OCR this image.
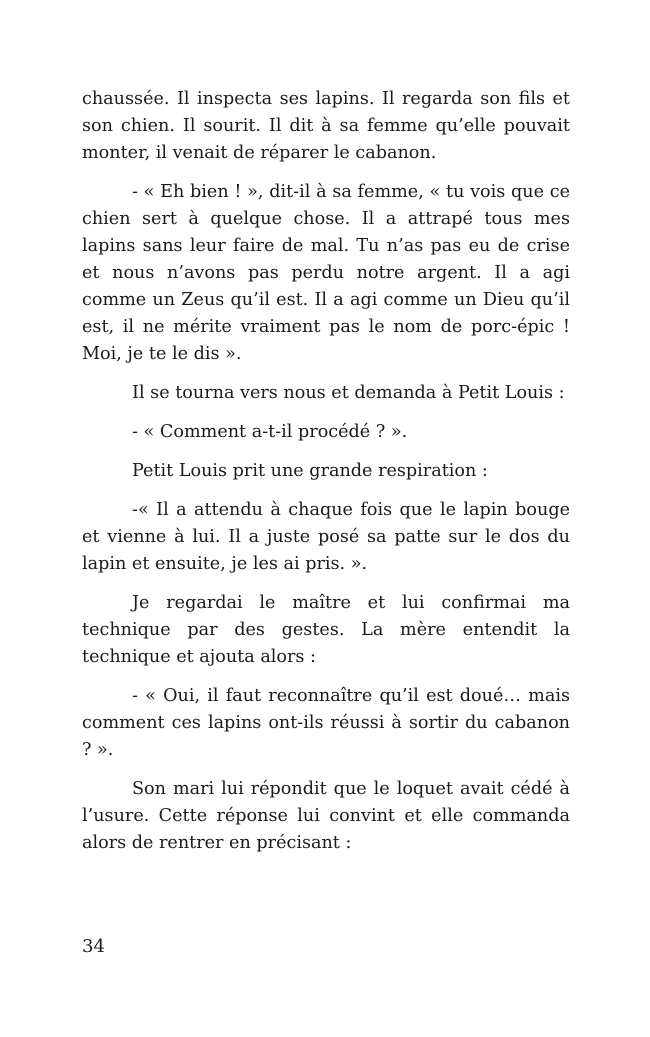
chaussée. Il inspecta ses lapins. Il regarda son fils et son chien. Il sourit. Il dit à sa femme qu’elle pouvait monter, il venait de réparer le cabanon.

- « Eh bien ! », dit-il à sa femme, « tu vois que ce chien sert à quelque chose. Il a attrapé tous mes lapins sans leur faire de mal. Tu n’as pas eu de crise et nous n’avons pas perdu notre argent. Il a agi comme un Zeus qu’il est. Il a agi comme un Dieu qu’il est, il ne mérite vraiment pas le nom de porc-épic ! Moi, je te le dis ».

Il se tourna vers nous et demanda à Petit Louis :

- « Comment a-t-il procédé ? ».

Petit Louis prit une grande respiration :

-« Il a attendu à chaque fois que le lapin bouge et vienne à lui. Il a juste posé sa patte sur le dos du lapin et ensuite, je les ai pris. ».

Je regardai le maître et lui confirmai ma technique par des gestes. La mère entendit la technique et ajouta alors :

- « Oui, il faut reconnaître qu’il est doué… mais comment ces lapins ont-ils réussi à sortir du cabanon ? ».

Son mari lui répondit que le loquet avait cédé à l’usure. Cette réponse lui convint et elle commanda alors de rentrer en précisant :

34
